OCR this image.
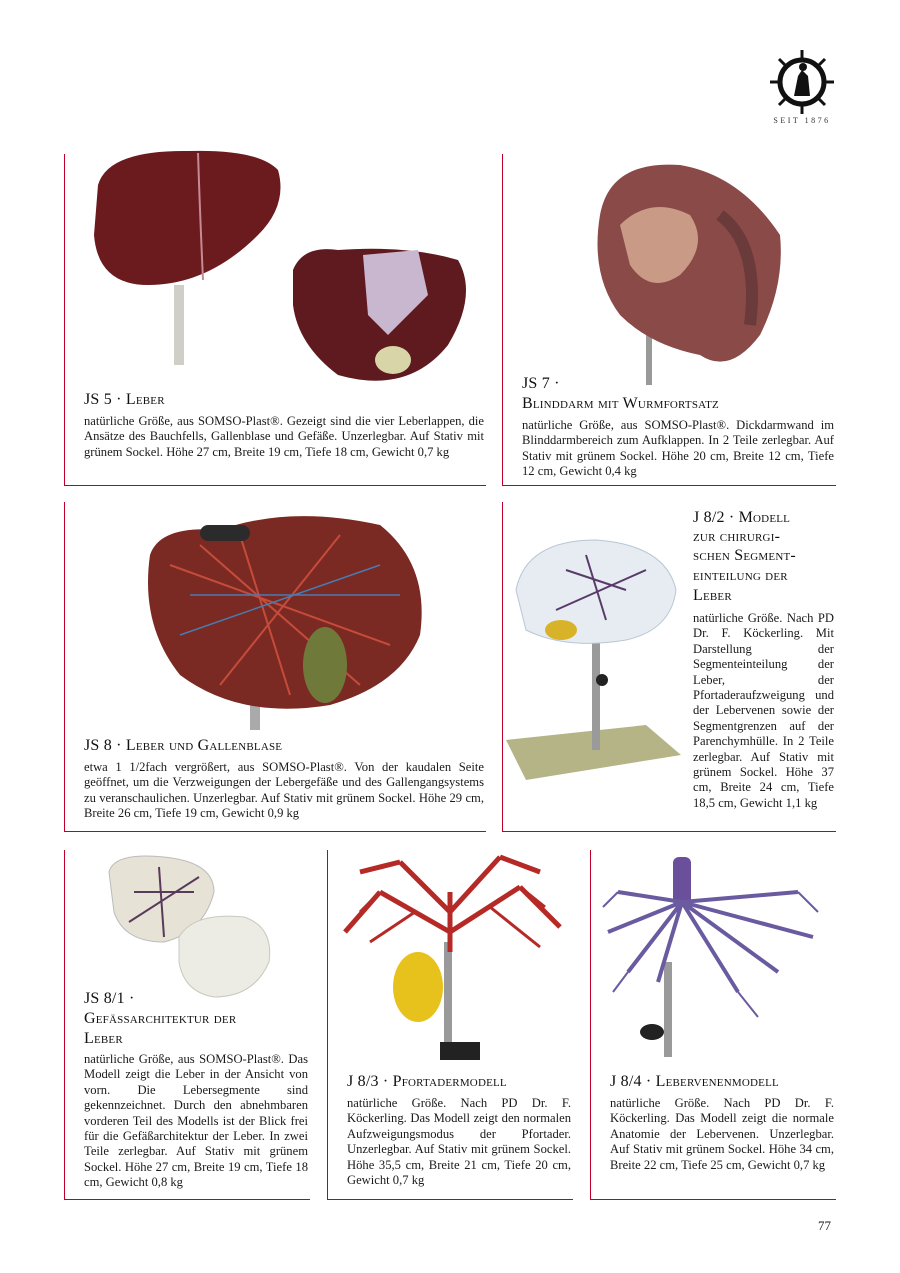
SEIT 1876
JS 5 · Leber
natürliche Größe, aus SOMSO-Plast®. Gezeigt sind die vier Leberlappen, die Ansätze des Bauchfells, Gallenblase und Gefäße. Unzerlegbar. Auf Stativ mit grünem Sockel. Höhe 27 cm, Breite 19 cm, Tiefe 18 cm, Gewicht 0,7 kg
JS 7 ·
Blinddarm mit Wurmfortsatz
natürliche Größe, aus SOMSO-Plast®. Dickdarmwand im Blinddarmbereich zum Aufklappen. In 2 Teile zerlegbar. Auf Stativ mit grünem Sockel. Höhe 20 cm, Breite 12 cm, Tiefe 12 cm, Gewicht 0,4 kg
JS 8 · Leber und Gallenblase
etwa 1 1/2fach vergrößert, aus SOMSO-Plast®. Von der kaudalen Seite geöffnet, um die Verzweigungen der Lebergefäße und des Gallengangsystems zu veranschaulichen. Unzerlegbar. Auf Stativ mit grünem Sockel. Höhe 29 cm, Breite 26 cm, Tiefe 19 cm, Gewicht 0,9 kg
J 8/2 · Modell
zur chirurgi-
schen Segment-
einteilung der
Leber
natürliche Größe. Nach PD Dr. F. Köckerling. Mit Darstellung der Segmenteinteilung der Leber, der Pfortaderaufzweigung und der Lebervenen sowie der Segmentgrenzen auf der Parenchymhülle. In 2 Teile zerlegbar. Auf Stativ mit grünem Sockel. Höhe 37 cm, Breite 24 cm, Tiefe 18,5 cm, Gewicht 1,1 kg
JS 8/1 ·
Gefässarchitektur der
Leber
natürliche Größe, aus SOMSO-Plast®. Das Modell zeigt die Leber in der Ansicht von vorn. Die Lebersegmente sind gekennzeichnet. Durch den abnehmbaren vorderen Teil des Modells ist der Blick frei für die Gefäßarchitektur der Leber. In zwei Teile zerlegbar. Auf Stativ mit grünem Sockel. Höhe 27 cm, Breite 19 cm, Tiefe 18 cm, Gewicht 0,8 kg
J 8/3 · Pfortadermodell
natürliche Größe. Nach PD Dr. F. Köckerling. Das Modell zeigt den normalen Aufzweigungsmodus der Pfortader. Unzerlegbar. Auf Stativ mit grünem Sockel. Höhe 35,5 cm, Breite 21 cm, Tiefe 20 cm, Gewicht 0,7 kg
J 8/4 · Lebervenenmodell
natürliche Größe. Nach PD Dr. F. Köckerling. Das Modell zeigt die normale Anatomie der Lebervenen. Unzerlegbar. Auf Stativ mit grünem Sockel. Höhe 34 cm, Breite 22 cm, Tiefe 25 cm, Gewicht 0,7 kg
77
